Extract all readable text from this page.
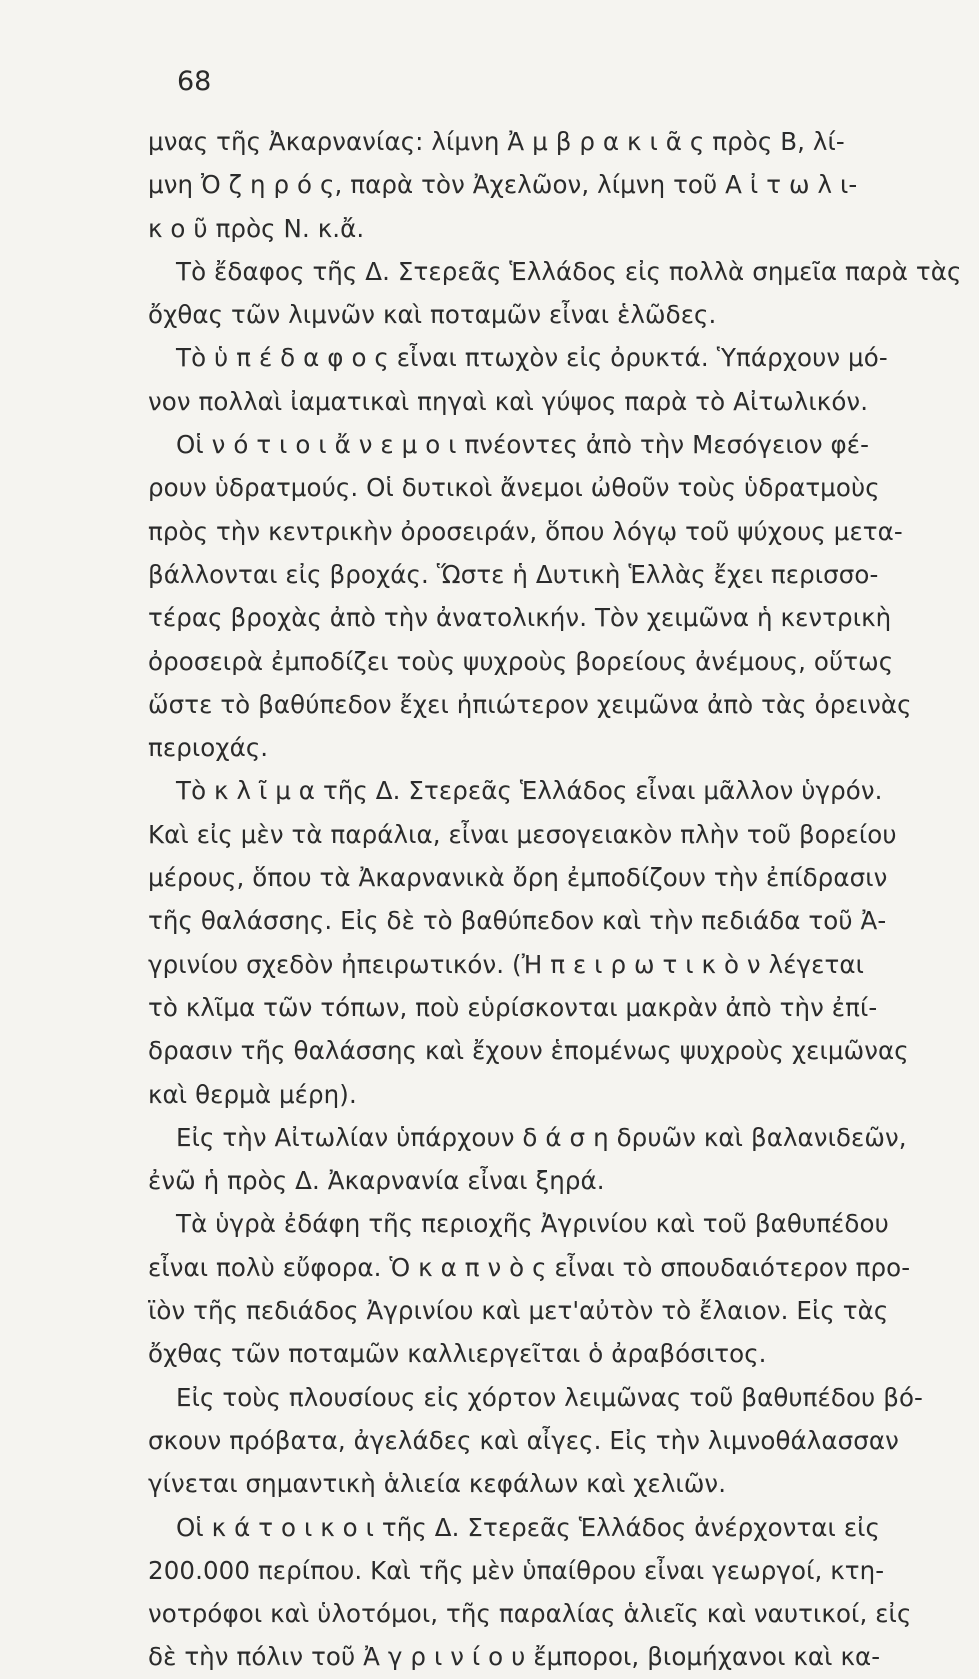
68
μνας τῆς Ἀκαρνανίας: λίμνη Ἀ μ β ρ α κ ι ᾶ ς πρὸς Β, λί-
μνη Ὀ ζ η ρ ό ς, παρὰ τὸν Ἀχελῶον, λίμνη τοῦ Α ἰ τ ω λ ι-
κ ο ῦ πρὸς Ν. κ.ἄ.
Τὸ ἔδαφος τῆς Δ. Στερεᾶς Ἑλλάδος εἰς πολλὰ σημεῖα παρὰ τὰς
ὄχθας τῶν λιμνῶν καὶ ποταμῶν εἶναι ἑλῶδες.
Τὸ ὑ π έ δ α φ ο ς εἶναι πτωχὸν εἰς ὀρυκτά. Ὑπάρχουν μό-
νον πολλαὶ ἰαματικαὶ πηγαὶ καὶ γύψος παρὰ τὸ Αἰτωλικόν.
Οἱ ν ό τ ι ο ι ἄ ν ε μ ο ι πνέοντες ἀπὸ τὴν Μεσόγειον φέ-
ρουν ὑδρατμούς. Οἱ δυτικοὶ ἄνεμοι ὠθοῦν τοὺς ὑδρατμοὺς
πρὸς τὴν κεντρικὴν ὀροσειράν, ὅπου λόγῳ τοῦ ψύχους μετα-
βάλλονται εἰς βροχάς. Ὥστε ἡ Δυτικὴ Ἑλλὰς ἔχει περισσο-
τέρας βροχὰς ἀπὸ τὴν ἀνατολικήν. Τὸν χειμῶνα ἡ κεντρικὴ
ὀροσειρὰ ἐμποδίζει τοὺς ψυχροὺς βορείους ἀνέμους, οὕτως
ὥστε τὸ βαθύπεδον ἔχει ἠπιώτερον χειμῶνα ἀπὸ τὰς ὀρεινὰς
περιοχάς.
Τὸ κ λ ῖ μ α τῆς Δ. Στερεᾶς Ἑλλάδος εἶναι μᾶλλον ὑγρόν.
Καὶ εἰς μὲν τὰ παράλια, εἶναι μεσογειακὸν πλὴν τοῦ βορείου
μέρους, ὅπου τὰ Ἀκαρνανικὰ ὄρη ἐμποδίζουν τὴν ἐπίδρασιν
τῆς θαλάσσης. Εἰς δὲ τὸ βαθύπεδον καὶ τὴν πεδιάδα τοῦ Ἀ-
γρινίου σχεδὸν ἠπειρωτικόν. (Ἠ π ε ι ρ ω τ ι κ ὸ ν λέγεται
τὸ κλῖμα τῶν τόπων, ποὺ εὑρίσκονται μακρὰν ἀπὸ τὴν ἐπί-
δρασιν τῆς θαλάσσης καὶ ἔχουν ἑπομένως ψυχροὺς χειμῶνας
καὶ θερμὰ μέρη).
Εἰς τὴν Αἰτωλίαν ὑπάρχουν δ ά σ η δρυῶν καὶ βαλανιδεῶν,
ἐνῶ ἡ πρὸς Δ. Ἀκαρνανία εἶναι ξηρά.
Τὰ ὑγρὰ ἐδάφη τῆς περιοχῆς Ἀγρινίου καὶ τοῦ βαθυπέδου
εἶναι πολὺ εὔφορα. Ὁ κ α π ν ὸ ς εἶναι τὸ σπουδαιότερον προ-
ϊὸν τῆς πεδιάδος Ἀγρινίου καὶ μετ'αὐτὸν τὸ ἔλαιον. Εἰς τὰς
ὄχθας τῶν ποταμῶν καλλιεργεῖται ὁ ἀραβόσιτος.
Εἰς τοὺς πλουσίους εἰς χόρτον λειμῶνας τοῦ βαθυπέδου βό-
σκουν πρόβατα, ἀγελάδες καὶ αἶγες. Εἰς τὴν λιμνοθάλασσαν
γίνεται σημαντικὴ ἁλιεία κεφάλων καὶ χελιῶν.
Οἱ κ ά τ ο ι κ ο ι τῆς Δ. Στερεᾶς Ἑλλάδος ἀνέρχονται εἰς
200.000 περίπου. Καὶ τῆς μὲν ὑπαίθρου εἶναι γεωργοί, κτη-
νοτρόφοι καὶ ὑλοτόμοι, τῆς παραλίας ἁλιεῖς καὶ ναυτικοί, εἰς
δὲ τὴν πόλιν τοῦ Ἀ γ ρ ι ν ί ο υ ἔμποροι, βιομήχανοι καὶ κα-
